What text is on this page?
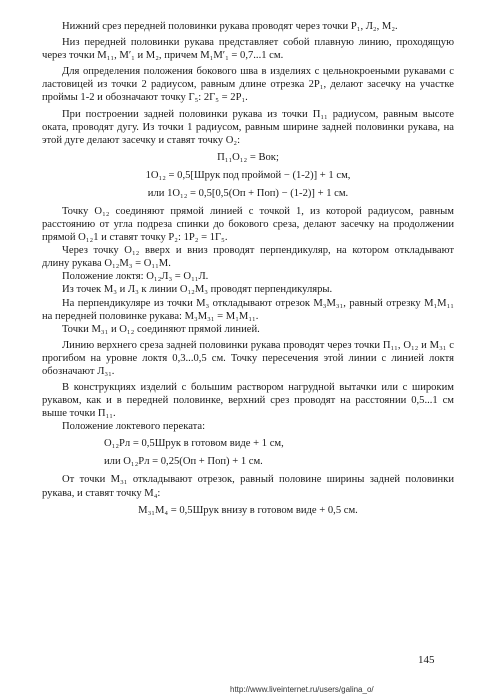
Нижний срез передней половинки рукава проводят через точки P₁, Л₂, M₂.

Низ передней половинки рукава представляет собой плавную линию, проходящую через точки M₁₁, M′₁ и M₂, причем M₁M′₁ = 0,7...1 см.

Для определения положения бокового шва в изделиях с цельнокроеными рукавами с ластовицей из точки 2 радиусом, равным длине отрезка 2P₁, делают засечку на участке проймы 1-2 и обозначают точку Г₅: 2Г₅ = 2P₁.

При построении задней половинки рукава из точки П₁₁ радиусом, равным высоте оката, проводят дугу. Из точки 1 радиусом, равным ширине задней половинки рукава, на этой дуге делают засечку и ставят точку O₂:

П₁₁O₁₂ = Bок;
1O₁₂ = 0,5[Шрук под проймой − (1-2)] + 1 см,
или 1O₁₂ = 0,5[0,5(Oп + Пoп) − (1-2)] + 1 см.

Точку O₁₂ соединяют прямой линией с точкой 1, из которой радиусом, равным расстоянию от угла подреза спинки до бокового среза, делают засечку на продолжении прямой O₁₂1 и ставят точку P₂: 1P₂ = 1Г₅.

Через точку O₁₂ вверх и вниз проводят перпендикуляр, на котором откладывают длину рукава O₁₂M₃ = O₁₁M.

Положение локтя: O₁₂Л₃ = O₁₁Л.

Из точек M₃ и Л₃ к линии O₁₂M₃ проводят перпендикуляры.

На перпендикуляре из точки M₃ откладывают отрезок M₃M₃₁, равный отрезку M₁M₁₁ на передней половинке рукава: M₃M₃₁ = M₁M₁₁.

Точки M₃₁ и O₁₂ соединяют прямой линией.

Линию верхнего среза задней половинки рукава проводят через точки П₁₁, O₁₂ и M₃₁ с прогибом на уровне локтя 0,3...0,5 см. Точку пересечения этой линии с линией локтя обозначают Л₃₁.

В конструкциях изделий с большим раствором нагрудной вытачки или с широким рукавом, как и в передней половинке, верхний срез проводят на расстоянии 0,5...1 см выше точки П₁₁.

Положение локтевого переката:

O₁₂Pл = 0,5Шрук в готовом виде + 1 см,
или O₁₂Pл = 0,25(Oп + Пoп) + 1 см.

От точки M₃₁ откладывают отрезок, равный половине ширины задней половинки рукава, и ставят точку M₄:

M₃₁M₄ = 0,5Шрук внизу в готовом виде + 0,5 см.
145
http://www.liveinternet.ru/users/galina_o/
